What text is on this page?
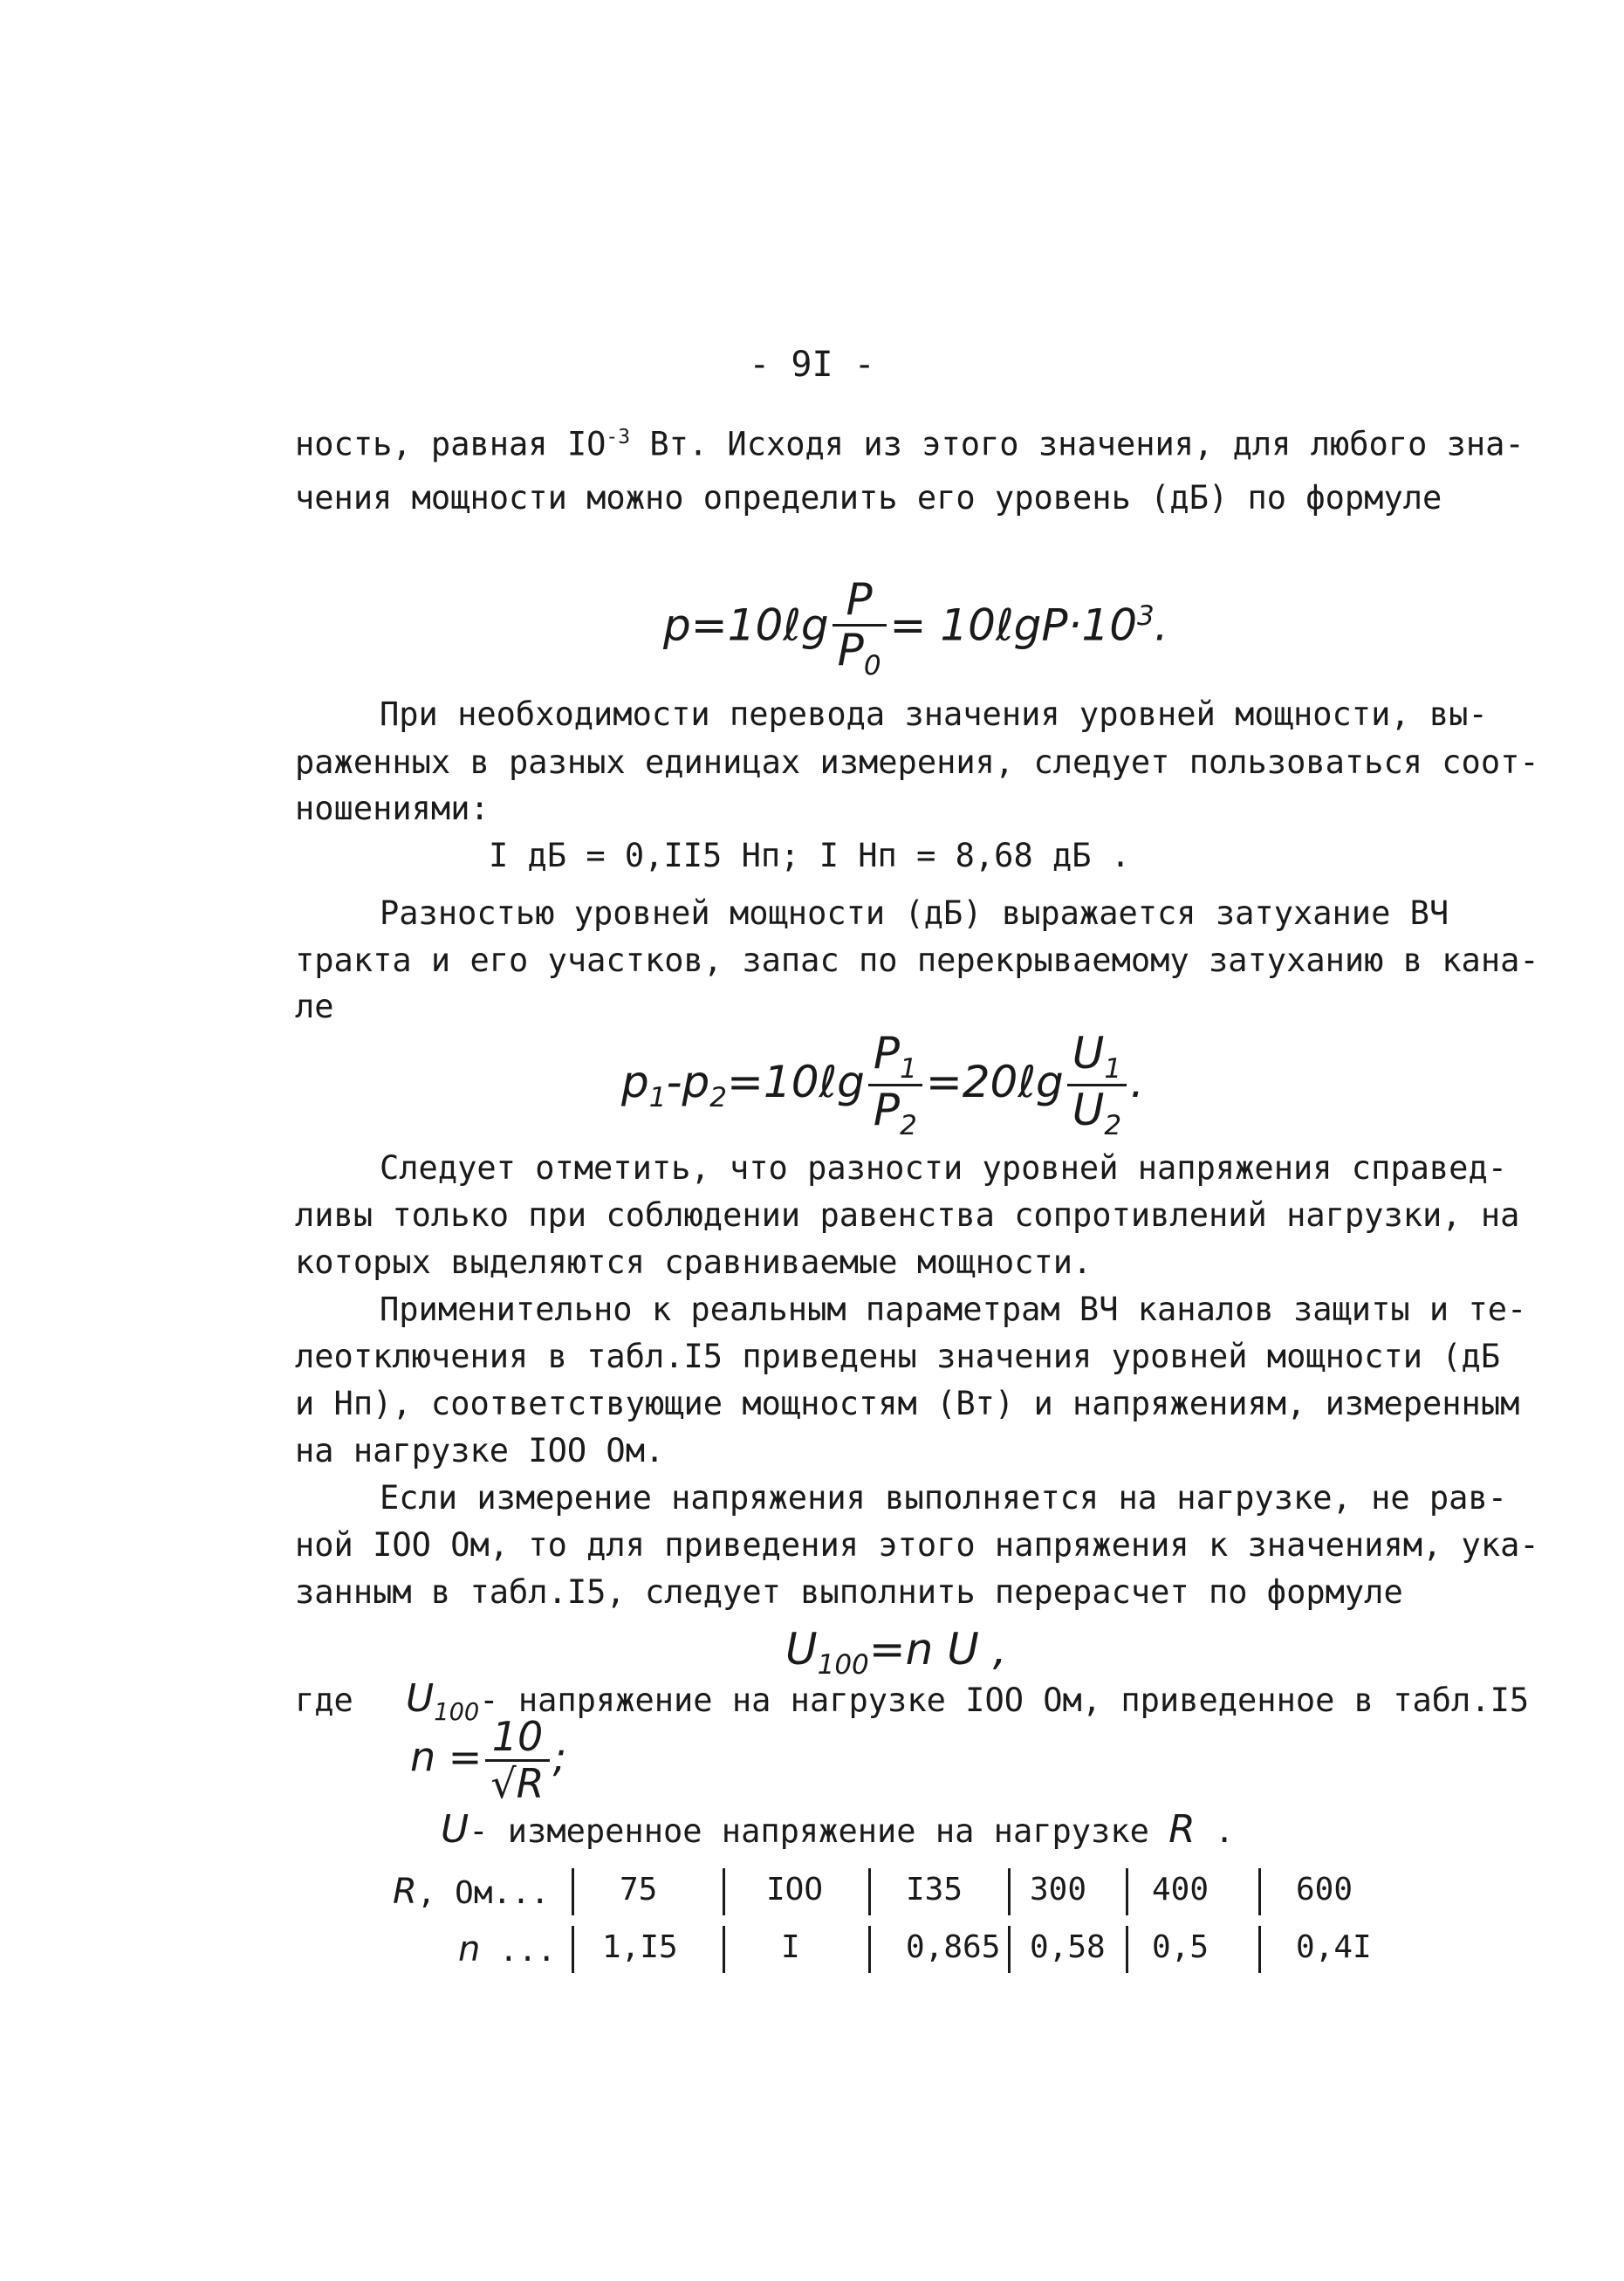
- 9I -
ность, равная $IO^{-3}$ Вт. Исходя из этого значения, для любого зна-
чения мощности можно определить его уровень (дБ) по формуле
p=10ℓg $\frac{P}{P_0}$ = $10\ell gP\cdot 10^3$.
При необходимости перевода значения уровней мощности, вы-
раженных в разных единицах измерения, следует пользоваться соот-
ношениями:
I дБ = 0,II5 Нп; I Нп = 8,68 дБ .
Разностью уровней мощности (дБ) выражается затухание ВЧ
тракта и его участков, запас по перекрываемому затуханию в кана-
ле
$p_1-p_2=10\ell g \frac{P_1}{P_2}$ =20ℓg $\frac{U_1}{U_2}$ .
Следует отметить, что разности уровней напряжения справед-
ливы только при соблюдении равенства сопротивлений нагрузки, на
которых выделяются сравниваемые мощности.
Применительно к реальным параметрам ВЧ каналов защиты и те-
леотключения в табл.I5 приведены значения уровней мощности (дБ
и Нп), соответствующие мощностям (Вт) и напряжениям, измеренным
на нагрузке IOO Ом.
Если измерение напряжения выполняется на нагрузке, не рав-
ной IOO Ом, то для приведения этого напряжения к значениям, ука-
занным в табл.I5, следует выполнить перерасчет по формуле
$U_{100}=n$ U ,
где $U_{100}-$ напряжение на нагрузке IOO Ом, приведенное в табл.I5
$n = \frac{10}{√R}$ ;
U- измеренное напряжение на нагрузке R .
R, Ом... 75	IOO	I35 300 400	600
n ... 1,I5	I	0,865 0,58 0,5	0,4I
